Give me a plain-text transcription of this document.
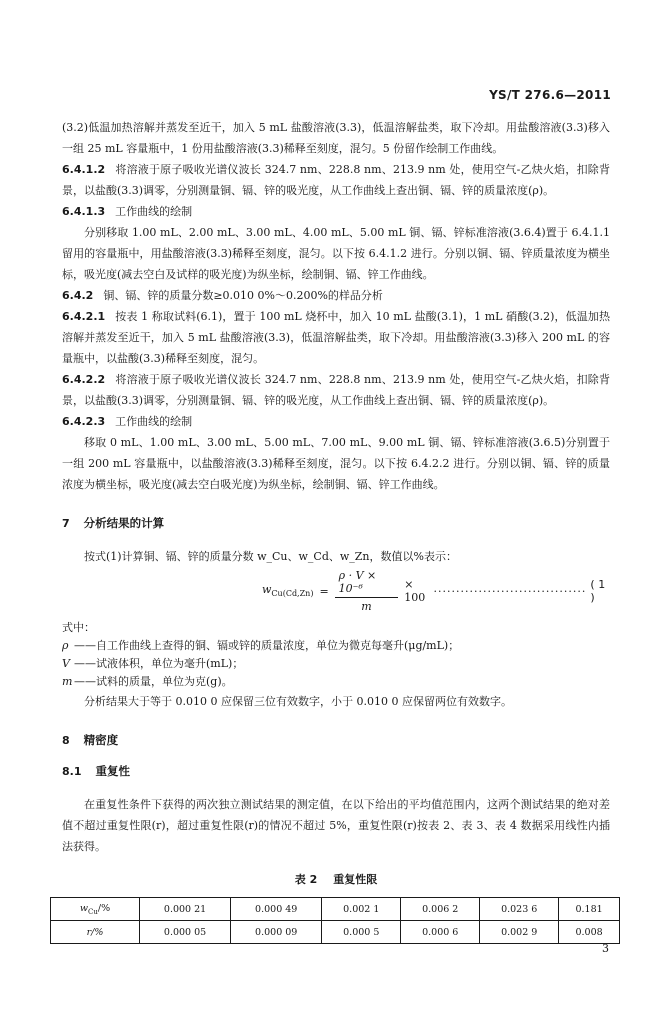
YS/T 276.6—2011

(3.2)低温加热溶解并蒸发至近干，加入 5 mL 盐酸溶液(3.3)，低温溶解盐类，取下冷却。用盐酸溶液(3.3)移入一组 25 mL 容量瓶中，1 份用盐酸溶液(3.3)稀释至刻度，混匀。5 份留作绘制工作曲线。

6.4.1.2 将溶液于原子吸收光谱仪波长 324.7 nm、228.8 nm、213.9 nm 处，使用空气-乙炔火焰，扣除背景，以盐酸(3.3)调零，分别测量铜、镉、锌的吸光度，从工作曲线上查出铜、镉、锌的质量浓度(ρ)。

6.4.1.3 工作曲线的绘制

分别移取 1.00 mL、2.00 mL、3.00 mL、4.00 mL、5.00 mL 铜、镉、锌标准溶液(3.6.4)置于 6.4.1.1 留用的容量瓶中，用盐酸溶液(3.3)稀释至刻度，混匀。以下按 6.4.1.2 进行。分别以铜、镉、锌质量浓度为横坐标，吸光度(减去空白及试样的吸光度)为纵坐标，绘制铜、镉、锌工作曲线。

6.4.2 铜、镉、锌的质量分数≥0.010 0%～0.200%的样品分析

6.4.2.1 按表 1 称取试料(6.1)，置于 100 mL 烧杯中，加入 10 mL 盐酸(3.1)，1 mL 硝酸(3.2)，低温加热溶解并蒸发至近干，加入 5 mL 盐酸溶液(3.3)，低温溶解盐类，取下冷却。用盐酸溶液(3.3)移入 200 mL 的容量瓶中，以盐酸(3.3)稀释至刻度，混匀。

6.4.2.2 将溶液于原子吸收光谱仪波长 324.7 nm、228.8 nm、213.9 nm 处，使用空气-乙炔火焰，扣除背景，以盐酸(3.3)调零，分别测量铜、镉、锌的吸光度，从工作曲线上查出铜、镉、锌的质量浓度(ρ)。

6.4.2.3 工作曲线的绘制

移取 0 mL、1.00 mL、3.00 mL、5.00 mL、7.00 mL、9.00 mL 铜、镉、锌标准溶液(3.6.5)分别置于一组 200 mL 容量瓶中，以盐酸溶液(3.3)稀释至刻度，混匀。以下按 6.4.2.2 进行。分别以铜、镉、锌的质量浓度为横坐标，吸光度(减去空白吸光度)为纵坐标，绘制铜、镉、锌工作曲线。

7 分析结果的计算

按式(1)计算铜、镉、锌的质量分数 w_Cu、w_Cd、w_Zn，数值以%表示：

$w_{Cu(Cd,Zn)} = \frac{\text{ρ · V × 10⁻⁶}}{m} \times 100$ ·································· ( 1 )

式中：

ρ ——自工作曲线上查得的铜、镉或锌的质量浓度，单位为微克每毫升(μg/mL)；

V ——试液体积，单位为毫升(mL)；

m ——试料的质量，单位为克(g)。

分析结果大于等于 0.010 0 应保留三位有效数字，小于 0.010 0 应保留两位有效数字。

8 精密度

8.1 重复性

在重复性条件下获得的两次独立测试结果的测定值，在以下给出的平均值范围内，这两个测试结果的绝对差值不超过重复性限(r)，超过重复性限(r)的情况不超过 5%，重复性限(r)按表 2、表 3、表 4 数据采用线性内插法获得。

表 2 重复性限
$w_{Cu}/\%$	0.000 21	0.000 49	0.002 1	0.006 2	0.023 6	0.181
r/%	0.000 05	0.000 09	0.000 5	0.000 6	0.002 9	0.008
3
